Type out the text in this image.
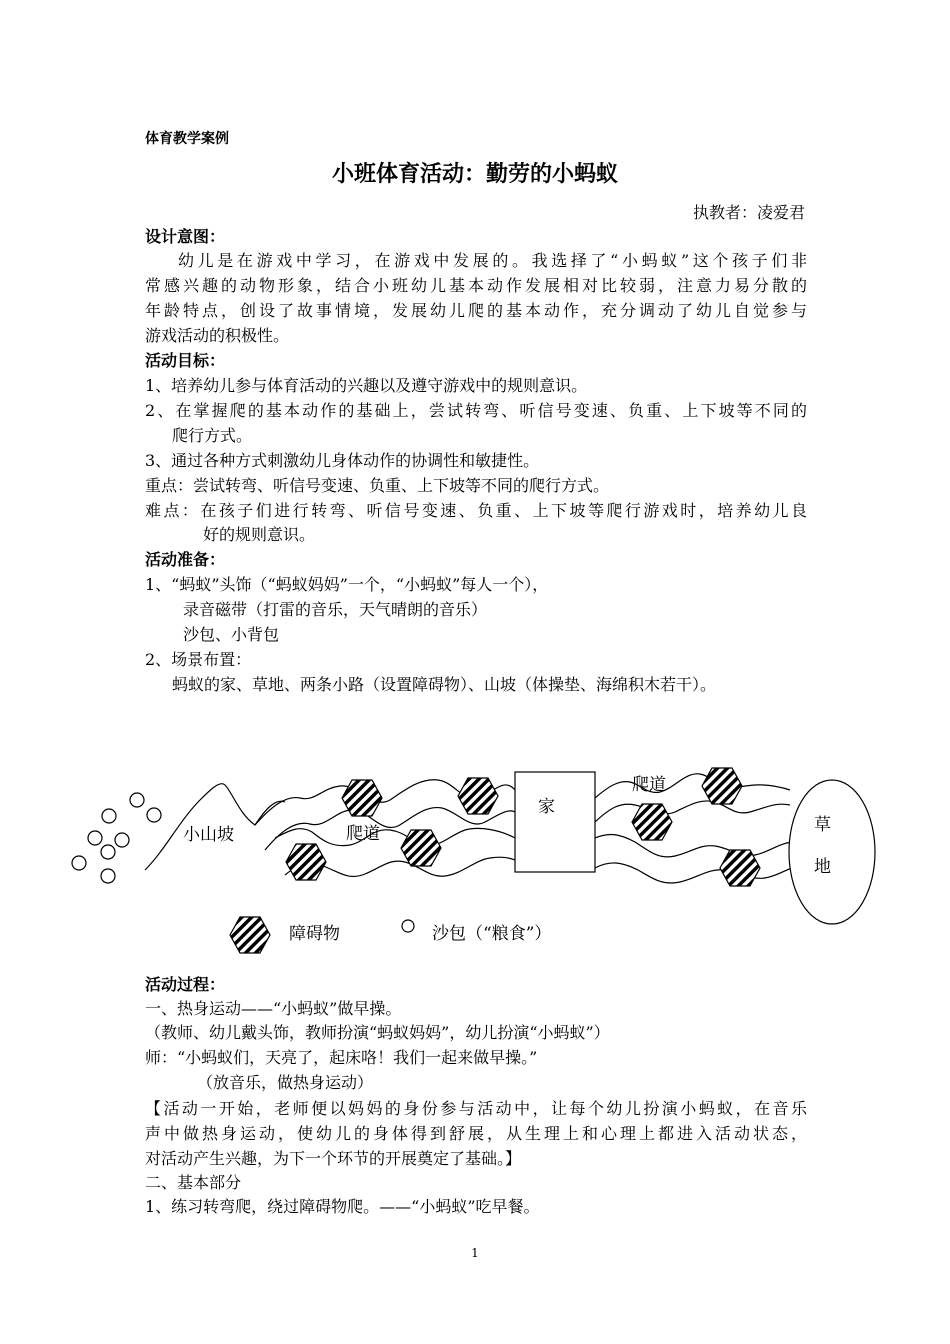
体育教学案例
小班体育活动：勤劳的小蚂蚁
执教者：凌爱君
设计意图：
幼儿是在游戏中学习，在游戏中发展的。我选择了“小蚂蚁”这个孩子们非
常感兴趣的动物形象，结合小班幼儿基本动作发展相对比较弱，注意力易分散的
年龄特点，创设了故事情境，发展幼儿爬的基本动作，充分调动了幼儿自觉参与
游戏活动的积极性。
活动目标：
1、培养幼儿参与体育活动的兴趣以及遵守游戏中的规则意识。
2、在掌握爬的基本动作的基础上，尝试转弯、听信号变速、负重、上下坡等不同的
爬行方式。
3、通过各种方式刺激幼儿身体动作的协调性和敏捷性。
重点：尝试转弯、听信号变速、负重、上下坡等不同的爬行方式。
难点：在孩子们进行转弯、听信号变速、负重、上下坡等爬行游戏时，培养幼儿良
好的规则意识。
活动准备：
1、“蚂蚁”头饰（“蚂蚁妈妈”一个，“小蚂蚁”每人一个），
录音磁带（打雷的音乐，天气晴朗的音乐）
沙包、小背包
2、场景布置：
蚂蚁的家、草地、两条小路（设置障碍物）、山坡（体操垫、海绵积木若干）。
家
草
地
小山坡	爬道
爬道
障碍物	沙包（“粮食”）
活动过程：
一、热身运动——“小蚂蚁”做早操。
（教师、幼儿戴头饰，教师扮演“蚂蚁妈妈”，幼儿扮演“小蚂蚁”）
师：“小蚂蚁们，天亮了，起床咯！我们一起来做早操。”
（放音乐，做热身运动）
【活动一开始，老师便以妈妈的身份参与活动中，让每个幼儿扮演小蚂蚁，在音乐
声中做热身运动，使幼儿的身体得到舒展，从生理上和心理上都进入活动状态，
对活动产生兴趣，为下一个环节的开展奠定了基础。】
二、基本部分
1、练习转弯爬，绕过障碍物爬。——“小蚂蚁”吃早餐。
1
